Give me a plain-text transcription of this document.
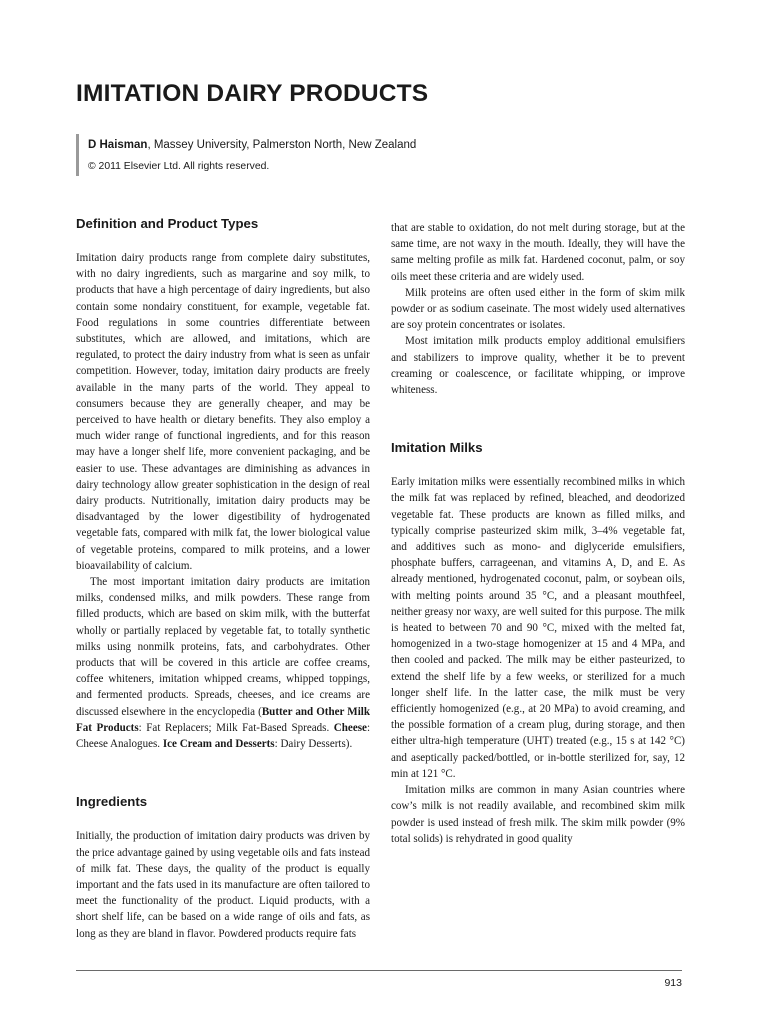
IMITATION DAIRY PRODUCTS
D Haisman, Massey University, Palmerston North, New Zealand
© 2011 Elsevier Ltd. All rights reserved.
Definition and Product Types

Imitation dairy products range from complete dairy substitutes, with no dairy ingredients, such as margarine and soy milk, to products that have a high percentage of dairy ingredients, but also contain some nondairy constituent, for example, vegetable fat. Food regulations in some countries differentiate between substitutes, which are allowed, and imitations, which are regulated, to protect the dairy industry from what is seen as unfair competition. However, today, imitation dairy products are freely available in the many parts of the world. They appeal to consumers because they are generally cheaper, and may be perceived to have health or dietary benefits. They also employ a much wider range of functional ingredients, and for this reason may have a longer shelf life, more convenient packaging, and be easier to use. These advantages are diminishing as advances in dairy technology allow greater sophistication in the design of real dairy products. Nutritionally, imitation dairy products may be disadvantaged by the lower digestibility of hydrogenated vegetable fats, compared with milk fat, the lower biological value of vegetable proteins, compared to milk proteins, and a lower bioavailability of calcium.

The most important imitation dairy products are imitation milks, condensed milks, and milk powders. These range from filled products, which are based on skim milk, with the butterfat wholly or partially replaced by vegetable fat, to totally synthetic milks using nonmilk proteins, fats, and carbohydrates. Other products that will be covered in this article are coffee creams, coffee whiteners, imitation whipped creams, whipped toppings, and fermented products. Spreads, cheeses, and ice creams are discussed elsewhere in the encyclopedia (Butter and Other Milk Fat Products: Fat Replacers; Milk Fat-Based Spreads. Cheese: Cheese Analogues. Ice Cream and Desserts: Dairy Desserts).

Ingredients

Initially, the production of imitation dairy products was driven by the price advantage gained by using vegetable oils and fats instead of milk fat. These days, the quality of the product is equally important and the fats used in its manufacture are often tailored to meet the functionality of the product. Liquid products, with a short shelf life, can be based on a wide range of oils and fats, as long as they are bland in flavor. Powdered products require fats

that are stable to oxidation, do not melt during storage, but at the same time, are not waxy in the mouth. Ideally, they will have the same melting profile as milk fat. Hardened coconut, palm, or soy oils meet these criteria and are widely used.

Milk proteins are often used either in the form of skim milk powder or as sodium caseinate. The most widely used alternatives are soy protein concentrates or isolates.

Most imitation milk products employ additional emulsifiers and stabilizers to improve quality, whether it be to prevent creaming or coalescence, or facilitate whipping, or improve whiteness.

Imitation Milks

Early imitation milks were essentially recombined milks in which the milk fat was replaced by refined, bleached, and deodorized vegetable fat. These products are known as filled milks, and typically comprise pasteurized skim milk, 3–4% vegetable fat, and additives such as mono- and diglyceride emulsifiers, phosphate buffers, carrageenan, and vitamins A, D, and E. As already mentioned, hydrogenated coconut, palm, or soybean oils, with melting points around 35 °C, and a pleasant mouthfeel, neither greasy nor waxy, are well suited for this purpose. The milk is heated to between 70 and 90 °C, mixed with the melted fat, homogenized in a two-stage homogenizer at 15 and 4 MPa, and then cooled and packed. The milk may be either pasteurized, to extend the shelf life by a few weeks, or sterilized for a much longer shelf life. In the latter case, the milk must be very efficiently homogenized (e.g., at 20 MPa) to avoid creaming, and the possible formation of a cream plug, during storage, and then either ultra-high temperature (UHT) treated (e.g., 15 s at 142 °C) and aseptically packed/bottled, or in-bottle sterilized for, say, 12 min at 121 °C.

Imitation milks are common in many Asian countries where cow’s milk is not readily available, and recombined skim milk powder is used instead of fresh milk. The skim milk powder (9% total solids) is rehydrated in good quality

913
